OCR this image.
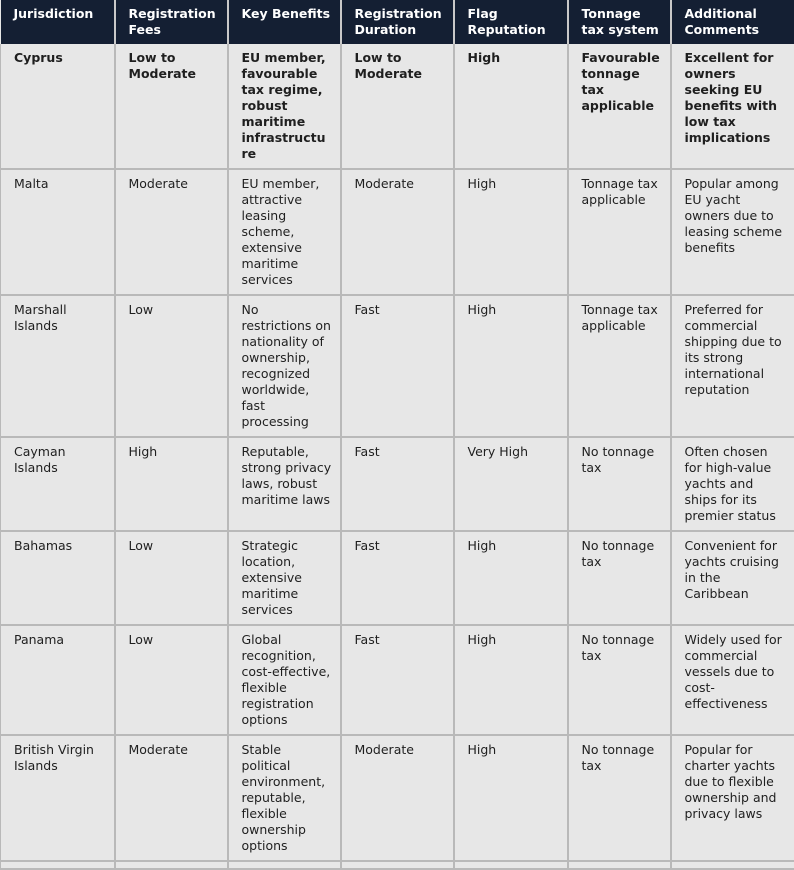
Jurisdiction	Registration Fees	Key Benefits	Registration Duration	Flag Reputation	Tonnage tax system	Additional Comments
Cyprus	Low to Moderate	EU member, favourable tax regime, robust maritime infrastructure	Low to Moderate	High	Favourable tonnage tax applicable	Excellent for owners seeking EU benefits with low tax implications
Malta	Moderate	EU member, attractive leasing scheme, extensive maritime services	Moderate	High	Tonnage tax applicable	Popular among EU yacht owners due to leasing scheme benefits
Marshall Islands	Low	No restrictions on nationality of ownership, recognized worldwide, fast processing	Fast	High	Tonnage tax applicable	Preferred for commercial shipping due to its strong international reputation
Cayman Islands	High	Reputable, strong privacy laws, robust maritime laws	Fast	Very High	No tonnage tax	Often chosen for high-value yachts and ships for its premier status
Bahamas	Low	Strategic location, extensive maritime services	Fast	High	No tonnage tax	Convenient for yachts cruising in the Caribbean
Panama	Low	Global recognition, cost-effective, flexible registration options	Fast	High	No tonnage tax	Widely used for commercial vessels due to cost-effectiveness
British Virgin Islands	Moderate	Stable political environment, reputable, flexible ownership options	Moderate	High	No tonnage tax	Popular for charter yachts due to flexible ownership and privacy laws
